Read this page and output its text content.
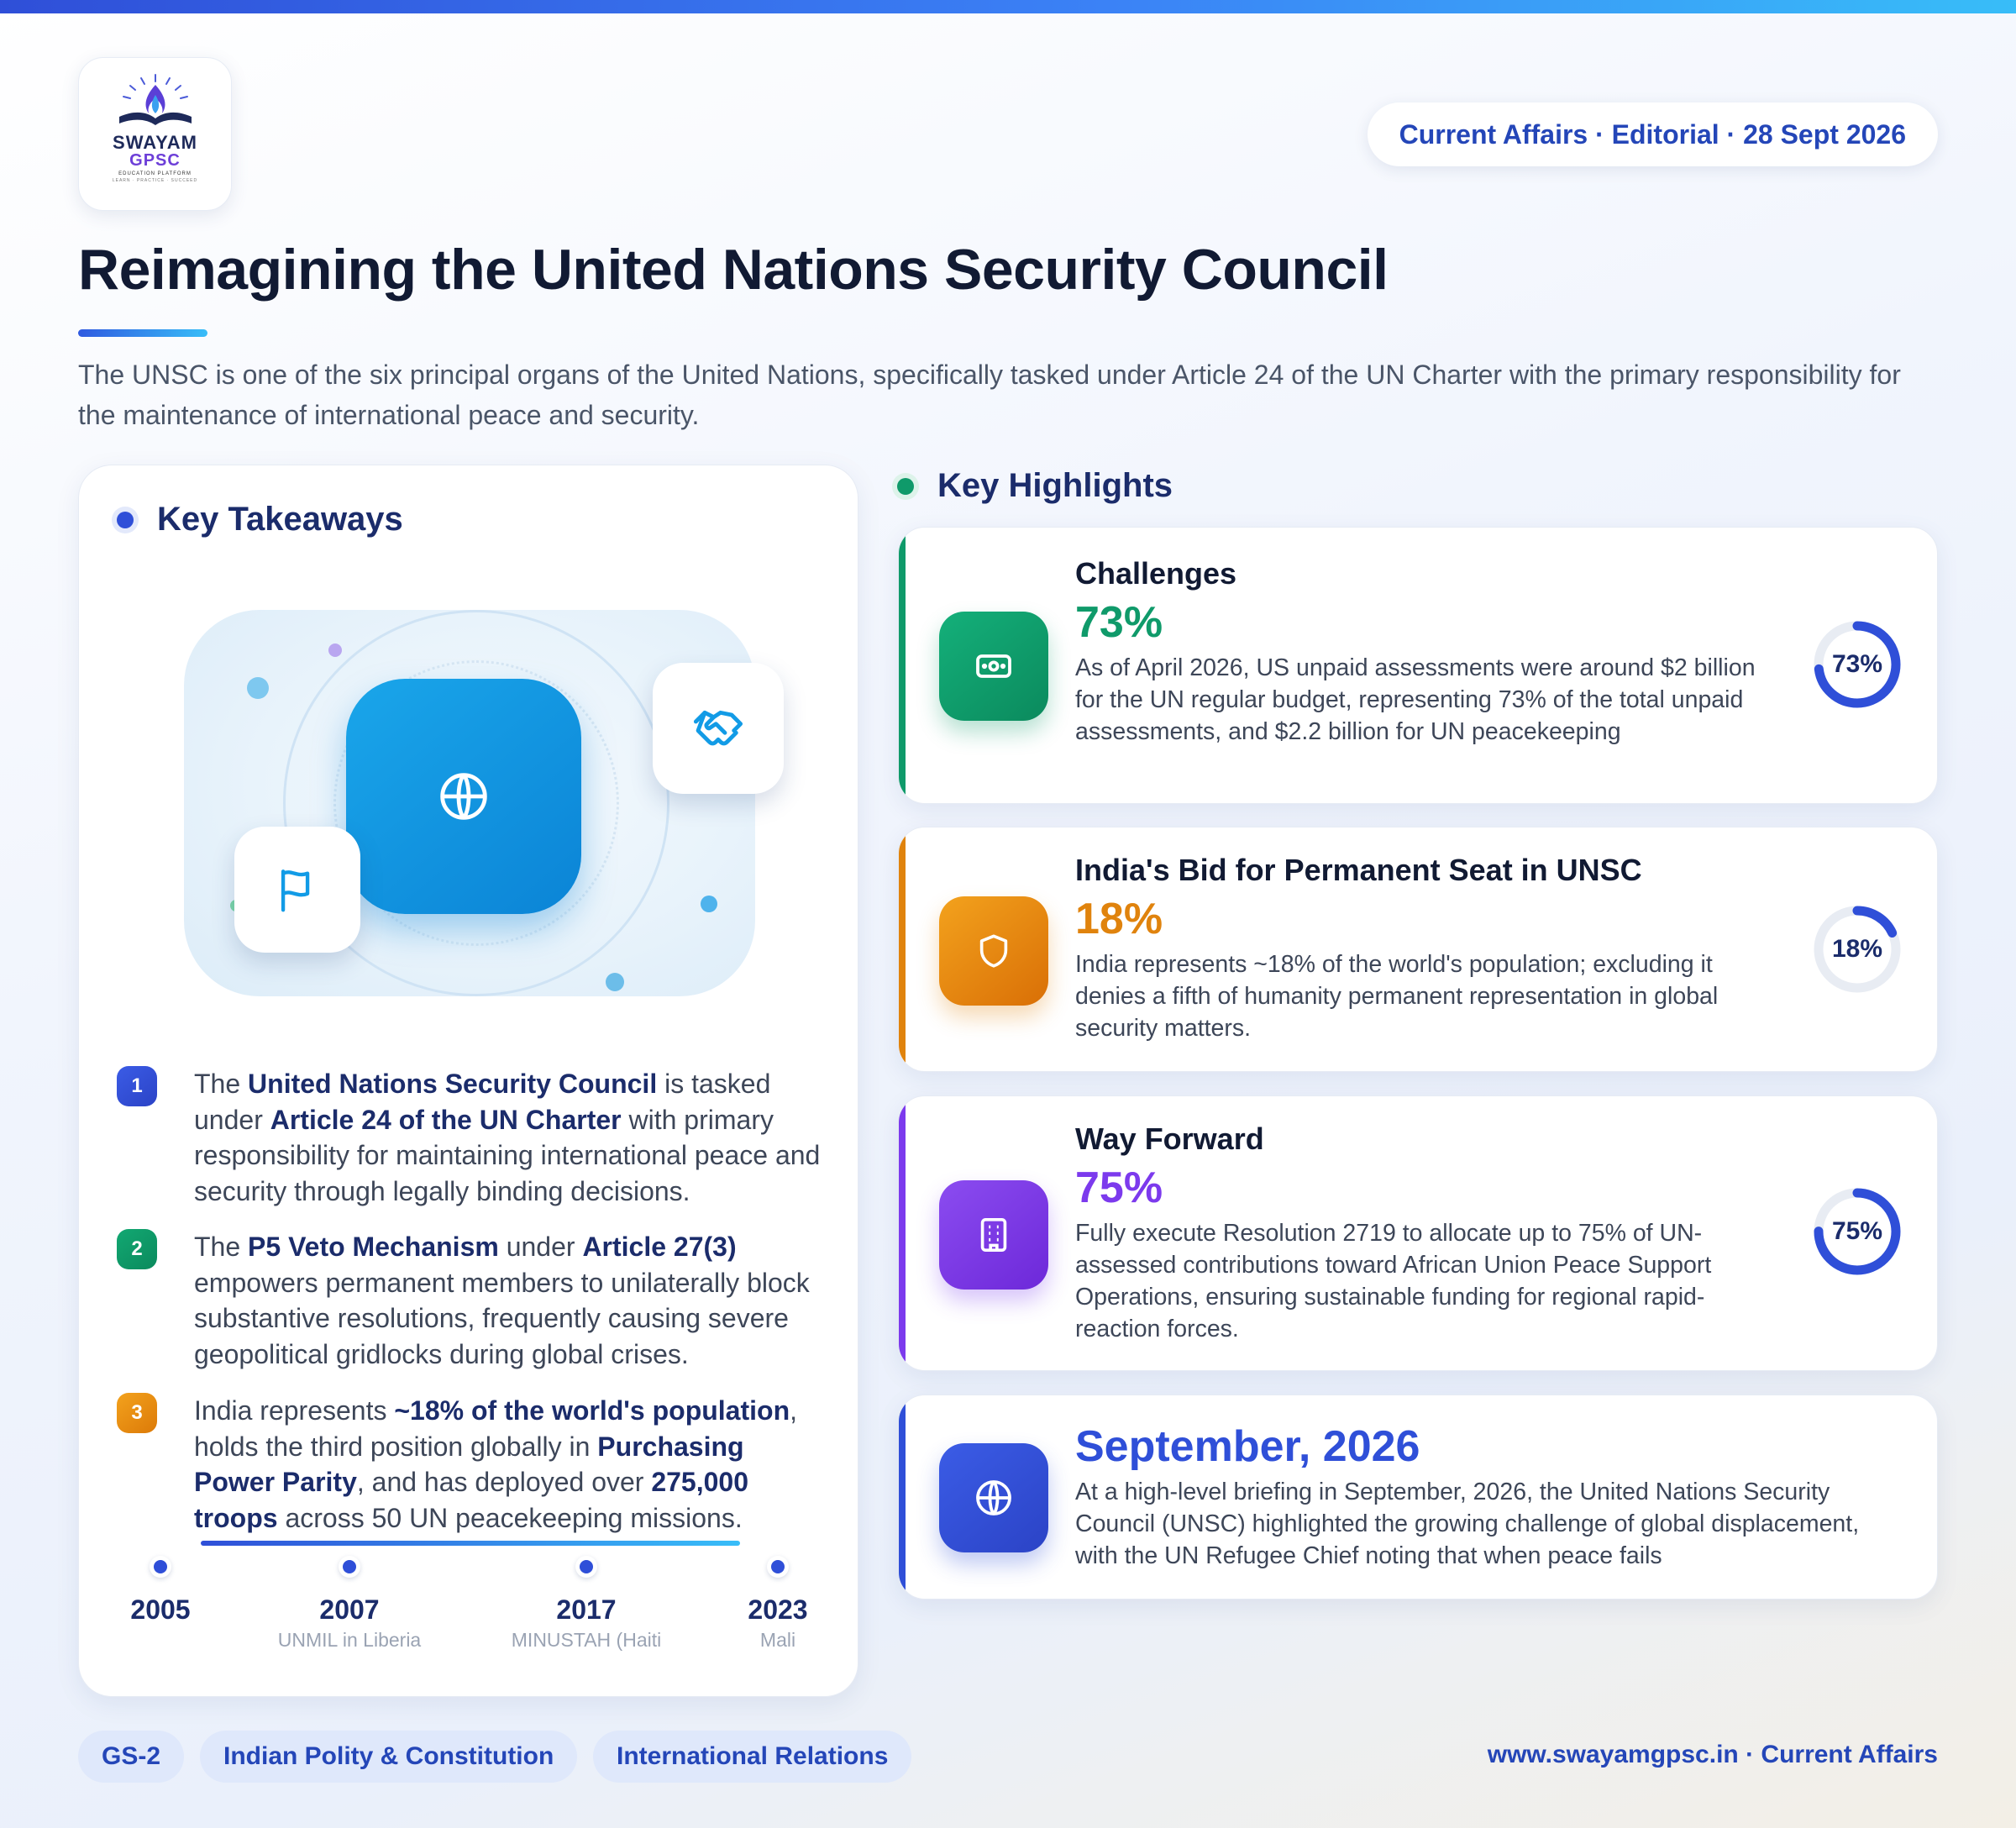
SWAYAM
GPSC
EDUCATION PLATFORM
LEARN · PRACTICE · SUCCEED
Current Affairs · Editorial · 28 Sept 2026
Reimagining the United Nations Security Council

The UNSC is one of the six principal organs of the United Nations, specifically tasked under Article 24 of the UN Charter with the primary responsibility for the maintenance of international peace and security.

Key Takeaways
1	The United Nations Security Council is tasked under Article 24 of the UN Charter with primary responsibility for maintaining international peace and security through legally binding decisions.
2	The P5 Veto Mechanism under Article 27(3) empowers permanent members to unilaterally block substantive resolutions, frequently causing severe geopolitical gridlocks during global crises.
3	India represents ~18% of the world's population, holds the third position globally in Purchasing Power Parity, and has deployed over 275,000 troops across 50 UN peacekeeping missions.
2005	2007
UNMIL in Liberia
2017
MINUSTAH (Haiti
2023
Mali
Key Highlights
Challenges
73%
As of April 2026, US unpaid assessments were around $2 billion for the UN regular budget, representing 73% of the total unpaid assessments, and $2.2 billion for UN peacekeeping
73%
India's Bid for Permanent Seat in UNSC
18%
India represents ~18% of the world's population; excluding it denies a fifth of humanity permanent representation in global security matters.
18%
Way Forward
75%
Fully execute Resolution 2719 to allocate up to 75% of UN-assessed contributions toward African Union Peace Support Operations, ensuring sustainable funding for regional rapid-reaction forces.
75%
September, 2026
At a high-level briefing in September, 2026, the United Nations Security Council (UNSC) highlighted the growing challenge of global displacement, with the UN Refugee Chief noting that when peace fails
GS-2	Indian Polity & Constitution	International Relations	www.swayamgpsc.in · Current Affairs
